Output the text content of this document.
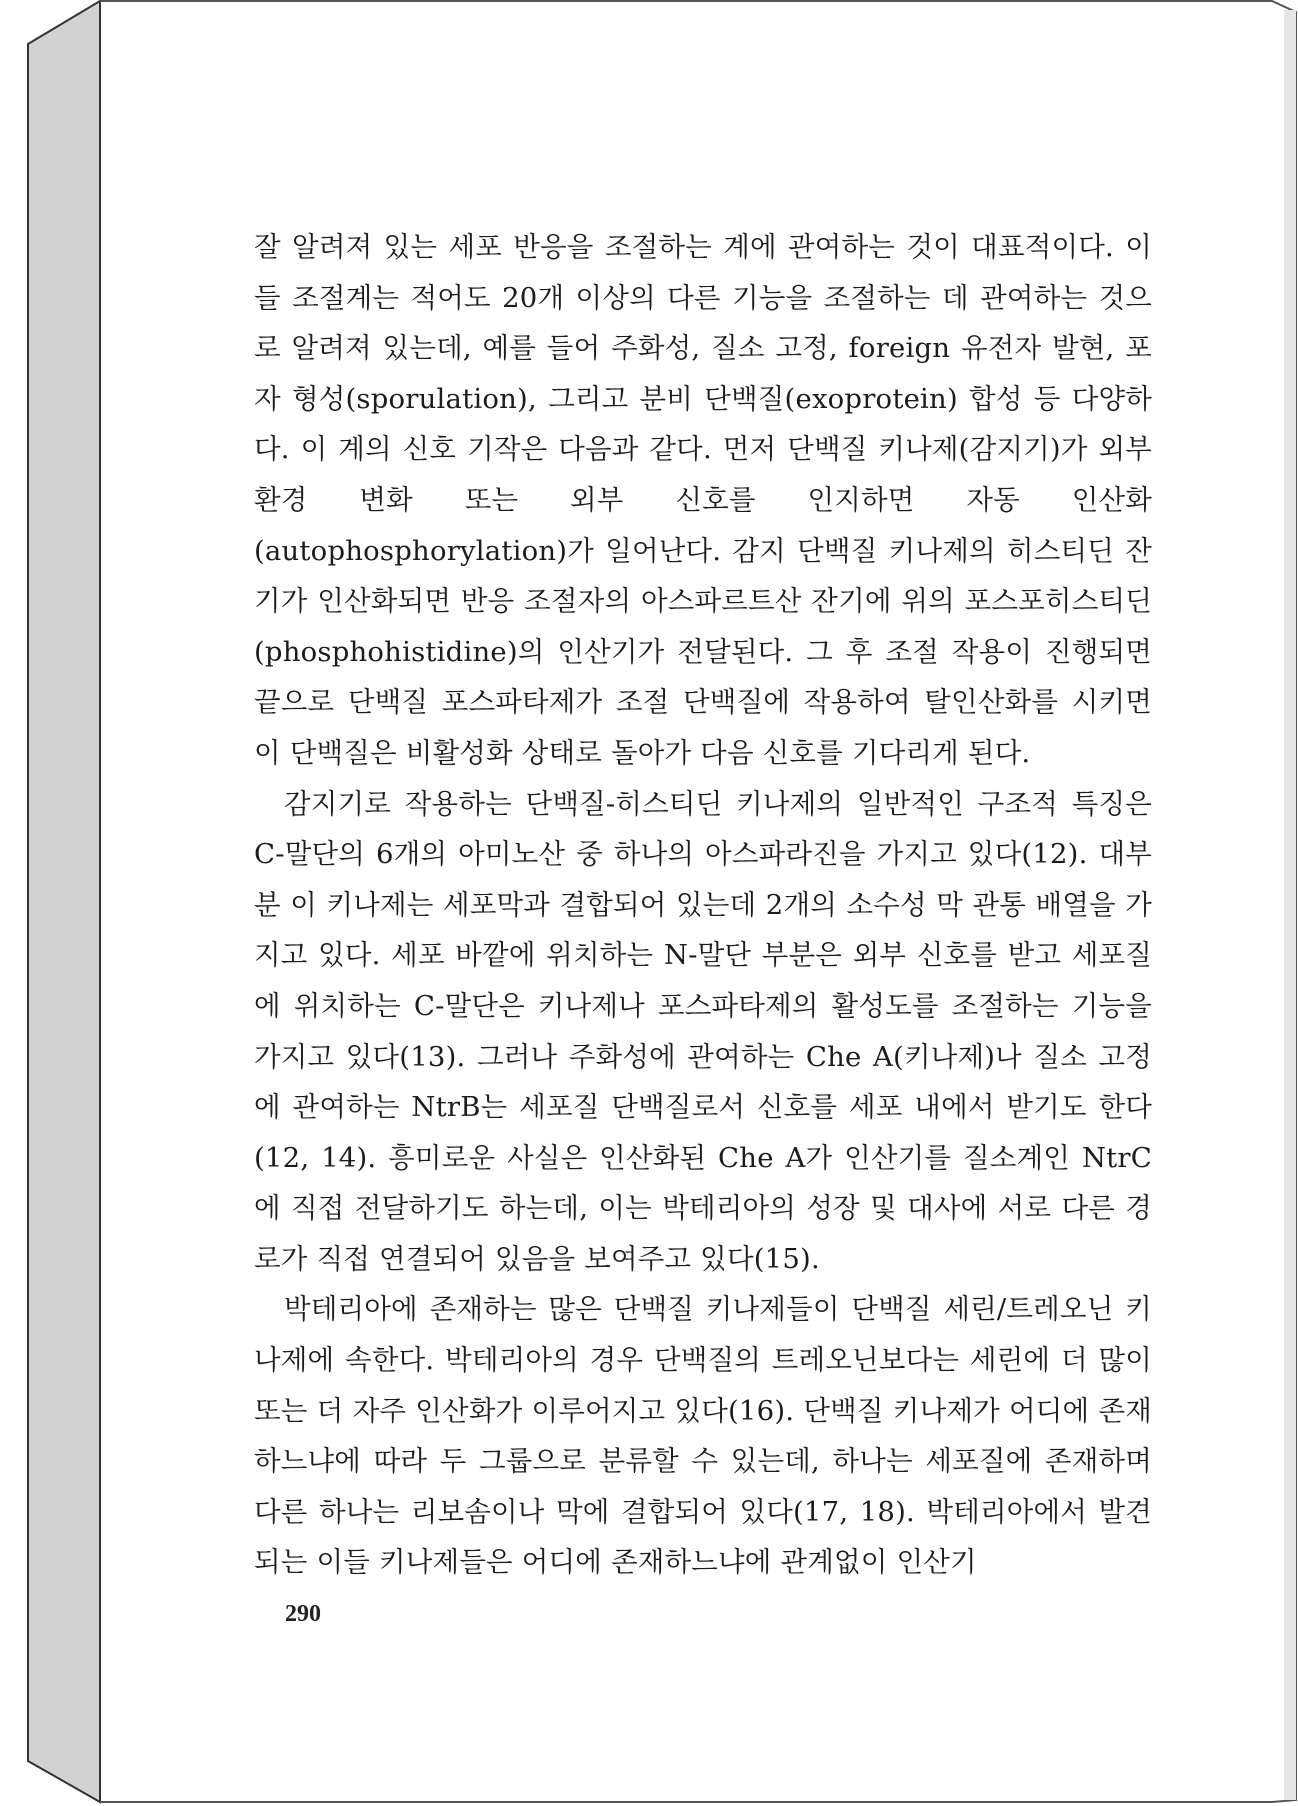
잘 알려져 있는 세포 반응을 조절하는 계에 관여하는 것이 대표적이다. 이들 조절계는 적어도 20개 이상의 다른 기능을 조절하는 데 관여하는 것으로 알려져 있는데, 예를 들어 주화성, 질소 고정, foreign 유전자 발현, 포자 형성(sporulation), 그리고 분비 단백질(exoprotein) 합성 등 다양하다. 이 계의 신호 기작은 다음과 같다. 먼저 단백질 키나제(감지기)가 외부 환경 변화 또는 외부 신호를 인지하면 자동 인산화(autophosphorylation)가 일어난다. 감지 단백질 키나제의 히스티딘 잔기가 인산화되면 반응 조절자의 아스파르트산 잔기에 위의 포스포히스티딘(phosphohistidine)의 인산기가 전달된다. 그 후 조절 작용이 진행되면 끝으로 단백질 포스파타제가 조절 단백질에 작용하여 탈인산화를 시키면 이 단백질은 비활성화 상태로 돌아가 다음 신호를 기다리게 된다.

감지기로 작용하는 단백질-히스티딘 키나제의 일반적인 구조적 특징은 C-말단의 6개의 아미노산 중 하나의 아스파라진을 가지고 있다(12). 대부분 이 키나제는 세포막과 결합되어 있는데 2개의 소수성 막 관통 배열을 가지고 있다. 세포 바깥에 위치하는 N-말단 부분은 외부 신호를 받고 세포질에 위치하는 C-말단은 키나제나 포스파타제의 활성도를 조절하는 기능을 가지고 있다(13). 그러나 주화성에 관여하는 Che A(키나제)나 질소 고정에 관여하는 NtrB는 세포질 단백질로서 신호를 세포 내에서 받기도 한다(12, 14). 흥미로운 사실은 인산화된 Che A가 인산기를 질소계인 NtrC에 직접 전달하기도 하는데, 이는 박테리아의 성장 및 대사에 서로 다른 경로가 직접 연결되어 있음을 보여주고 있다(15).

박테리아에 존재하는 많은 단백질 키나제들이 단백질 세린/트레오닌 키나제에 속한다. 박테리아의 경우 단백질의 트레오닌보다는 세린에 더 많이 또는 더 자주 인산화가 이루어지고 있다(16). 단백질 키나제가 어디에 존재하느냐에 따라 두 그룹으로 분류할 수 있는데, 하나는 세포질에 존재하며 다른 하나는 리보솜이나 막에 결합되어 있다(17, 18). 박테리아에서 발견되는 이들 키나제들은 어디에 존재하느냐에 관계없이 인산기

290
